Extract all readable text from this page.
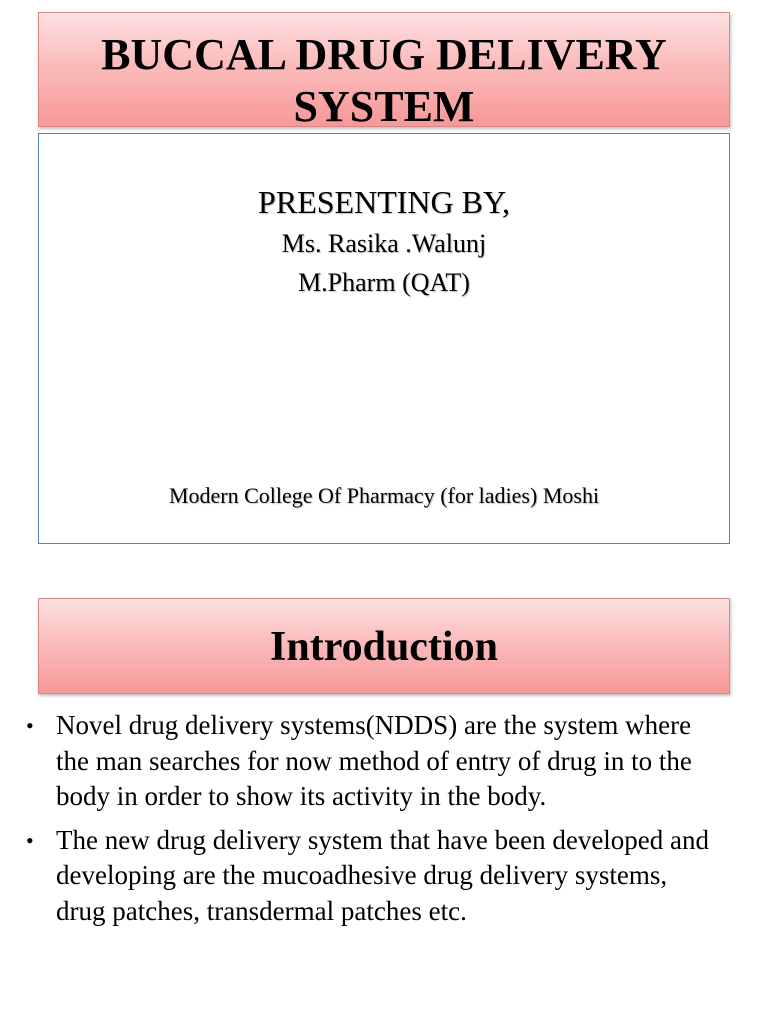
BUCCAL DRUG DELIVERY
SYSTEM
PRESENTING BY,
Ms. Rasika .Walunj
M.Pharm (QAT)
Modern College Of Pharmacy (for ladies) Moshi
Introduction
• Novel drug delivery systems(NDDS) are the system where the man searches for now method of entry of drug in to the body in order to show its activity in the body.
• The new drug delivery system that have been developed and developing are the mucoadhesive drug delivery systems, drug patches, transdermal patches etc.
